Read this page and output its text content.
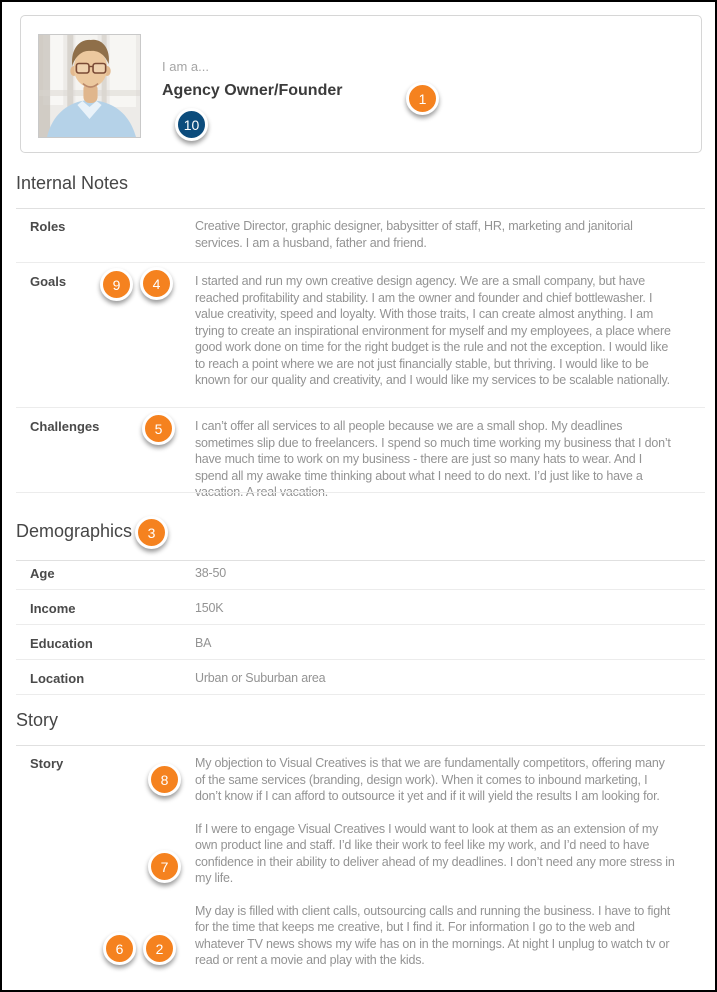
I am a...
Agency Owner/Founder
Internal Notes
Roles	Creative Director, graphic designer, babysitter of staff, HR, marketing and janitorial services. I am a husband, father and friend.
Goals	I started and run my own creative design agency. We are a small company, but have reached profitability and stability. I am the owner and founder and chief bottlewasher. I value creativity, speed and loyalty. With those traits, I can create almost anything. I am trying to create an inspirational environment for myself and my employees, a place where good work done on time for the right budget is the rule and not the exception. I would like to reach a point where we are not just financially stable, but thriving. I would like to be known for our quality and creativity, and I would like my services to be scalable nationally.
Challenges	I can’t offer all services to all people because we are a small shop. My deadlines sometimes slip due to freelancers. I spend so much time working my business that I don’t have much time to work on my business - there are just so many hats to wear. And I spend all my awake time thinking about what I need to do next. I’d just like to have a vacation. A real vacation.
Demographics
Age	38-50
Income	150K
Education	BA
Location	Urban or Suburban area
Story
Story	My objection to Visual Creatives is that we are fundamentally competitors, offering many of the same services (branding, design work). When it comes to inbound marketing, I don’t know if I can afford to outsource it yet and if it will yield the results I am looking for.

If I were to engage Visual Creatives I would want to look at them as an extension of my own product line and staff. I’d like their work to feel like my work, and I’d need to have confidence in their ability to deliver ahead of my deadlines. I don’t need any more stress in my life.

My day is filled with client calls, outsourcing calls and running the business. I have to fight for the time that keeps me creative, but I find it. For information I go to the web and whatever TV news shows my wife has on in the mornings. At night I unplug to watch tv or read or rent a movie and play with the kids.

1
10
9	4
5
3
8
7
6	2
